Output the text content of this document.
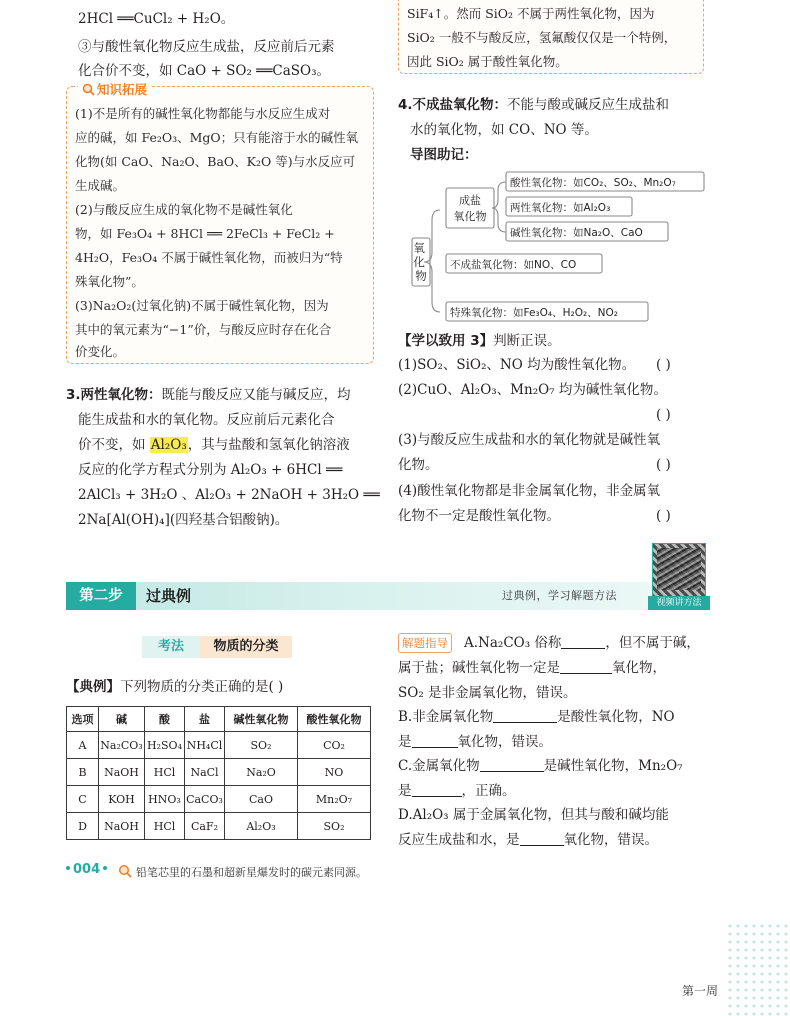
2HCl ══CuCl₂ + H₂O。
③与酸性氧化物反应生成盐，反应前后元素
化合价不变，如 CaO + SO₂ ══CaSO₃。
(1)不是所有的碱性氧化物都能与水反应生成对
应的碱，如 Fe₂O₃、MgO；只有能溶于水的碱性氧
化物(如 CaO、Na₂O、BaO、K₂O 等)与水反应可
生成碱。
(2)与酸反应生成的氧化物不是碱性氧化
物，如 Fe₃O₄ + 8HCl ══ 2FeCl₃ + FeCl₂ +
4H₂O，Fe₃O₄ 不属于碱性氧化物，而被归为“特
殊氧化物”。
(3)Na₂O₂(过氧化钠)不属于碱性氧化物，因为
其中的氧元素为“−1”价，与酸反应时存在化合
价变化。
知识拓展
3.两性氧化物：既能与酸反应又能与碱反应，均
能生成盐和水的氧化物。反应前后元素化合
价不变，如 Al₂O₃，其与盐酸和氢氧化钠溶液
反应的化学方程式分别为 Al₂O₃ + 6HCl ══
2AlCl₃ + 3H₂O 、Al₂O₃ + 2NaOH + 3H₂O ══
2Na[Al(OH)₄](四羟基合铝酸钠)。
SiF₄↑。然而 SiO₂ 不属于两性氧化物，因为
SiO₂ 一般不与酸反应，氢氟酸仅仅是一个特例，
因此 SiO₂ 属于酸性氧化物。
4.不成盐氧化物：不能与酸或碱反应生成盐和
水的氧化物，如 CO、NO 等。
导图助记：
氧 化 物
成盐
氧化物
酸性氧化物：如CO₂、SO₂、Mn₂O₇
两性氧化物：如Al₂O₃
碱性氧化物：如Na₂O、CaO
不成盐氧化物：如NO、CO
特殊氧化物：如Fe₃O₄、H₂O₂、NO₂
【学以致用 3】判断正误。
(1)SO₂、SiO₂、NO 均为酸性氧化物。 ( )
(2)CuO、Al₂O₃、Mn₂O₇ 均为碱性氧化物。
( )
(3)与酸反应生成盐和水的氧化物就是碱性氧
化物。	( )
(4)酸性氧化物都是非金属氧化物，非金属氧
化物不一定是酸性氧化物。	( )
第二步	过典例	过典例，学习解题方法
视频讲方法
考法	物质的分类
【典例】下列物质的分类正确的是( )
选项	碱	酸	盐	碱性氧化物	酸性氧化物
A	Na₂CO₃	H₂SO₄	NH₄Cl	SO₂	CO₂
B	NaOH	HCl	NaCl	Na₂O	NO
C	KOH	HNO₃	CaCO₃	CaO	Mn₂O₇
D	NaOH	HCl	CaF₂	Al₂O₃	SO₂
解题指导 A.Na₂CO₃ 俗称	，但不属于碱，
属于盐；碱性氧化物一定是	氧化物，
SO₂ 是非金属氧化物，错误。
B.非金属氧化物	是酸性氧化物，NO
是	氧化物，错误。
C.金属氧化物	是碱性氧化物，Mn₂O₇
是	，正确。
D.Al₂O₃ 属于金属氧化物，但其与酸和碱均能
反应生成盐和水，是	氧化物，错误。
004	铅笔芯里的石墨和超新星爆发时的碳元素同源。
第一周
